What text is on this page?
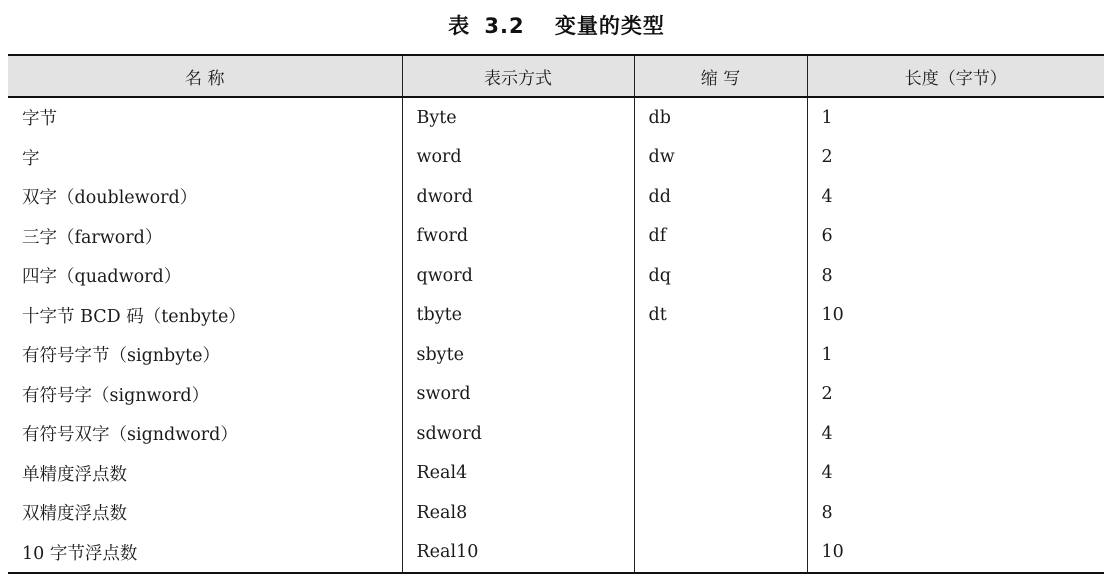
表 3.2 变量的类型
名 称	表示方式	缩 写	长度（字节）
字节	Byte	db	1
字	word	dw	2
双字（doubleword）	dword	dd	4
三字（farword）	fword	df	6
四字（quadword）	qword	dq	8
十字节 BCD 码（tenbyte）	tbyte	dt	10
有符号字节（signbyte）	sbyte		1
有符号字（signword）	sword		2
有符号双字（signdword）	sdword		4
单精度浮点数	Real4		4
双精度浮点数	Real8		8
10 字节浮点数	Real10		10
